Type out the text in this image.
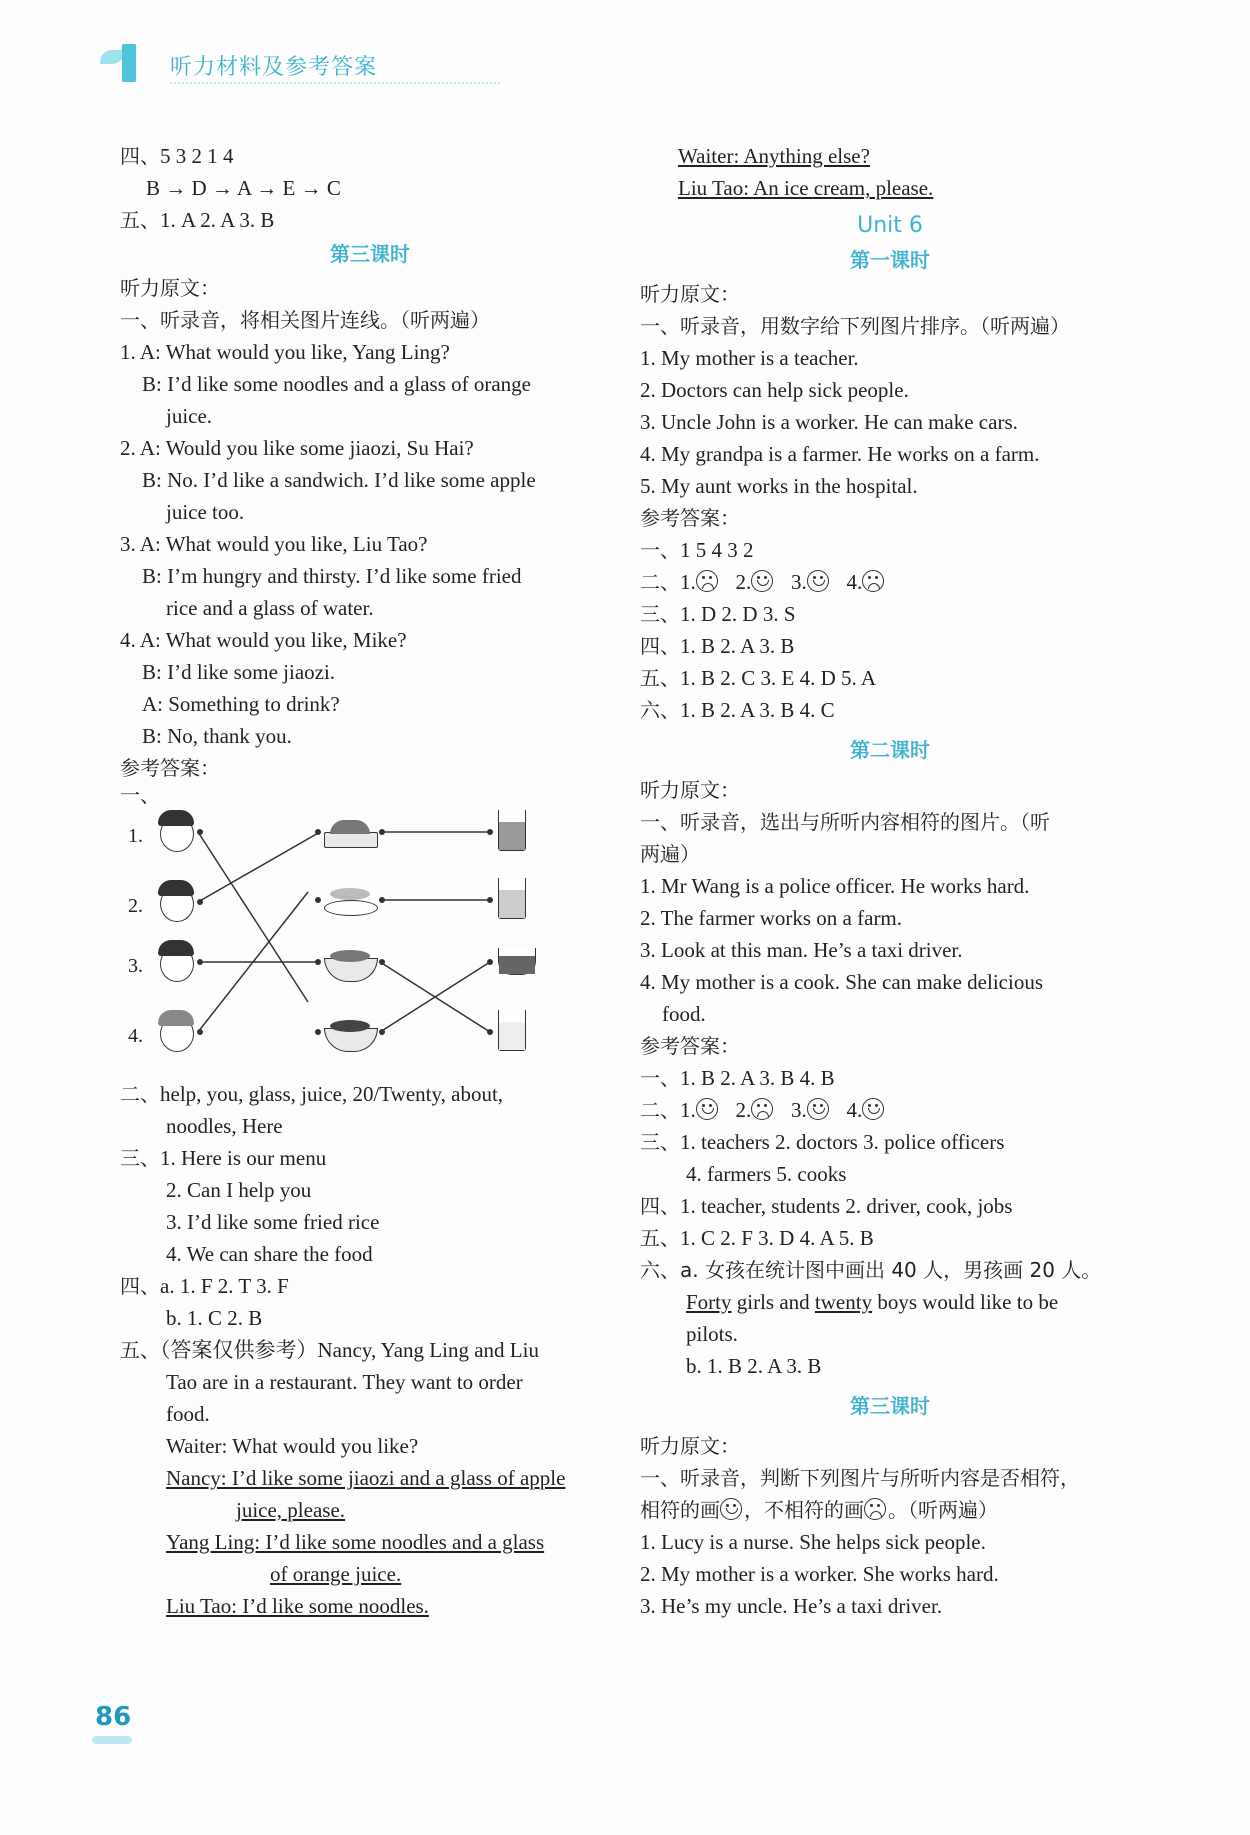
听力材料及参考答案
四、5 3 2 1 4
B → D → A → E → C
五、1. A 2. A 3. B
第三课时
听力原文：
一、听录音，将相关图片连线。（听两遍）
1. A: What would you like, Yang Ling?
B: I’d like some noodles and a glass of orange
juice.
2. A: Would you like some jiaozi, Su Hai?
B: No. I’d like a sandwich. I’d like some apple
juice too.
3. A: What would you like, Liu Tao?
B: I’m hungry and thirsty. I’d like some fried
rice and a glass of water.
4. A: What would you like, Mike?
B: I’d like some jiaozi.
A: Something to drink?
B: No, thank you.
参考答案：
一、
1.
2.
3.
4.
二、help, you, glass, juice, 20/Twenty, about,
noodles, Here
三、1. Here is our menu
2. Can I help you
3. I’d like some fried rice
4. We can share the food
四、a. 1. F 2. T 3. F
b. 1. C 2. B
五、（答案仅供参考）Nancy, Yang Ling and Liu
Tao are in a restaurant. They want to order
food.
Waiter: What would you like?
Nancy: I’d like some jiaozi and a glass of apple
juice, please.
Yang Ling: I’d like some noodles and a glass
of orange juice.
Liu Tao: I’d like some noodles.
Waiter: Anything else?
Liu Tao: An ice cream, please.
Unit 6
第一课时
听力原文：
一、听录音，用数字给下列图片排序。（听两遍）
1. My mother is a teacher.
2. Doctors can help sick people.
3. Uncle John is a worker. He can make cars.
4. My grandpa is a farmer. He works on a farm.
5. My aunt works in the hospital.
参考答案：
一、1 5 4 3 2
二、1. 2. 3. 4.
三、1. D 2. D 3. S
四、1. B 2. A 3. B
五、1. B 2. C 3. E 4. D 5. A
六、1. B 2. A 3. B 4. C
第二课时
听力原文：
一、听录音，选出与所听内容相符的图片。（听
两遍）
1. Mr Wang is a police officer. He works hard.
2. The farmer works on a farm.
3. Look at this man. He’s a taxi driver.
4. My mother is a cook. She can make delicious
food.
参考答案：
一、1. B 2. A 3. B 4. B
二、1. 2. 3. 4.
三、1. teachers 2. doctors 3. police officers
4. farmers 5. cooks
四、1. teacher, students 2. driver, cook, jobs
五、1. C 2. F 3. D 4. A 5. B
六、a. 女孩在统计图中画出 40 人，男孩画 20 人。
Forty girls and twenty boys would like to be
pilots.
b. 1. B 2. A 3. B
第三课时
听力原文：
一、听录音，判断下列图片与所听内容是否相符，
相符的画 ，不相符的画 。（听两遍）
1. Lucy is a nurse. She helps sick people.
2. My mother is a worker. She works hard.
3. He’s my uncle. He’s a taxi driver.
86
